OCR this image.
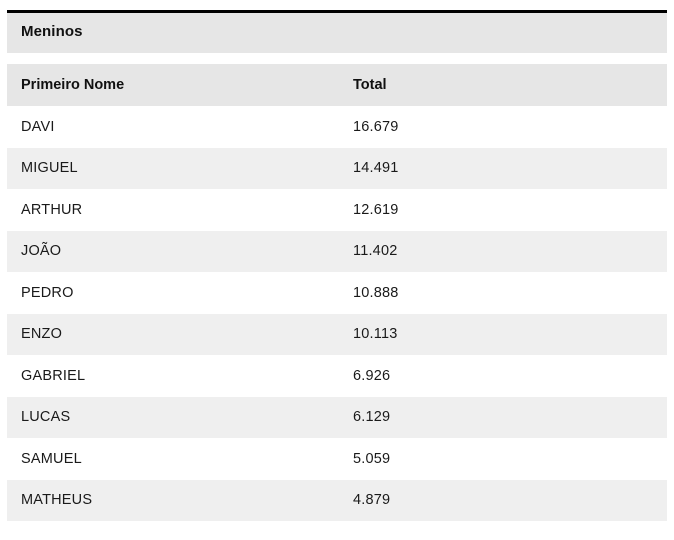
Meninos	

Primeiro Nome	Total
DAVI	16.679
MIGUEL	14.491
ARTHUR	12.619
JOÃO	11.402
PEDRO	10.888
ENZO	10.113
GABRIEL	6.926
LUCAS	6.129
SAMUEL	5.059
MATHEUS	4.879
